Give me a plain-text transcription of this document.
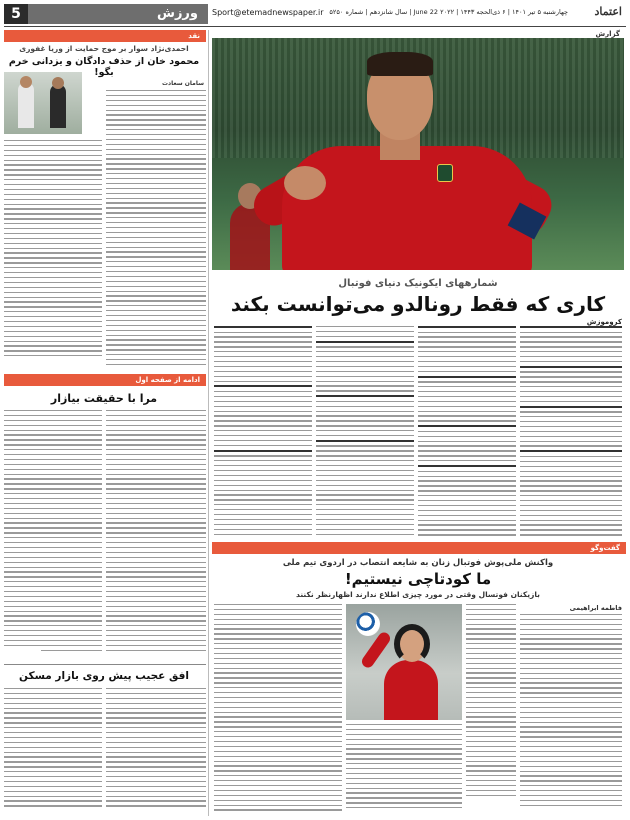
5	ورزش	Sport@etemadnewspaper.ir چهارشنبه ۵ تیر ۱۴۰۱ | ۶ ذی‌الحجه ۱۴۴۳ | ۲۰۲۲ June 22 | سال شانزدهم | شماره ۵۲۵۰ اعتماد
گزارش
شمارههای ایکونیک دنیای فوتبال
کاری که فقط رونالدو می‌توانست بکند
کروموزش
نقد
احمدی‌نژاد سوار بر موج حمایت از وریا غفوری
محمود خان از حذف دادگان و یزدانی خرم بگو!
سامان سعادت
ادامه از صفحه اول
مرا با حقیقت بیازار
افق عجیب پیش روی بازار مسکن
گفت‌وگو
واکنش ملی‌پوش فوتبال زنان به شایعه انتصاب در اردوی تیم ملی
ما کودتاچی نیستیم!
بازیکنان فوتسال وقتی در مورد چیزی اطلاع ندارند اظهارنظر نکنند
فاطمه ابراهیمی
